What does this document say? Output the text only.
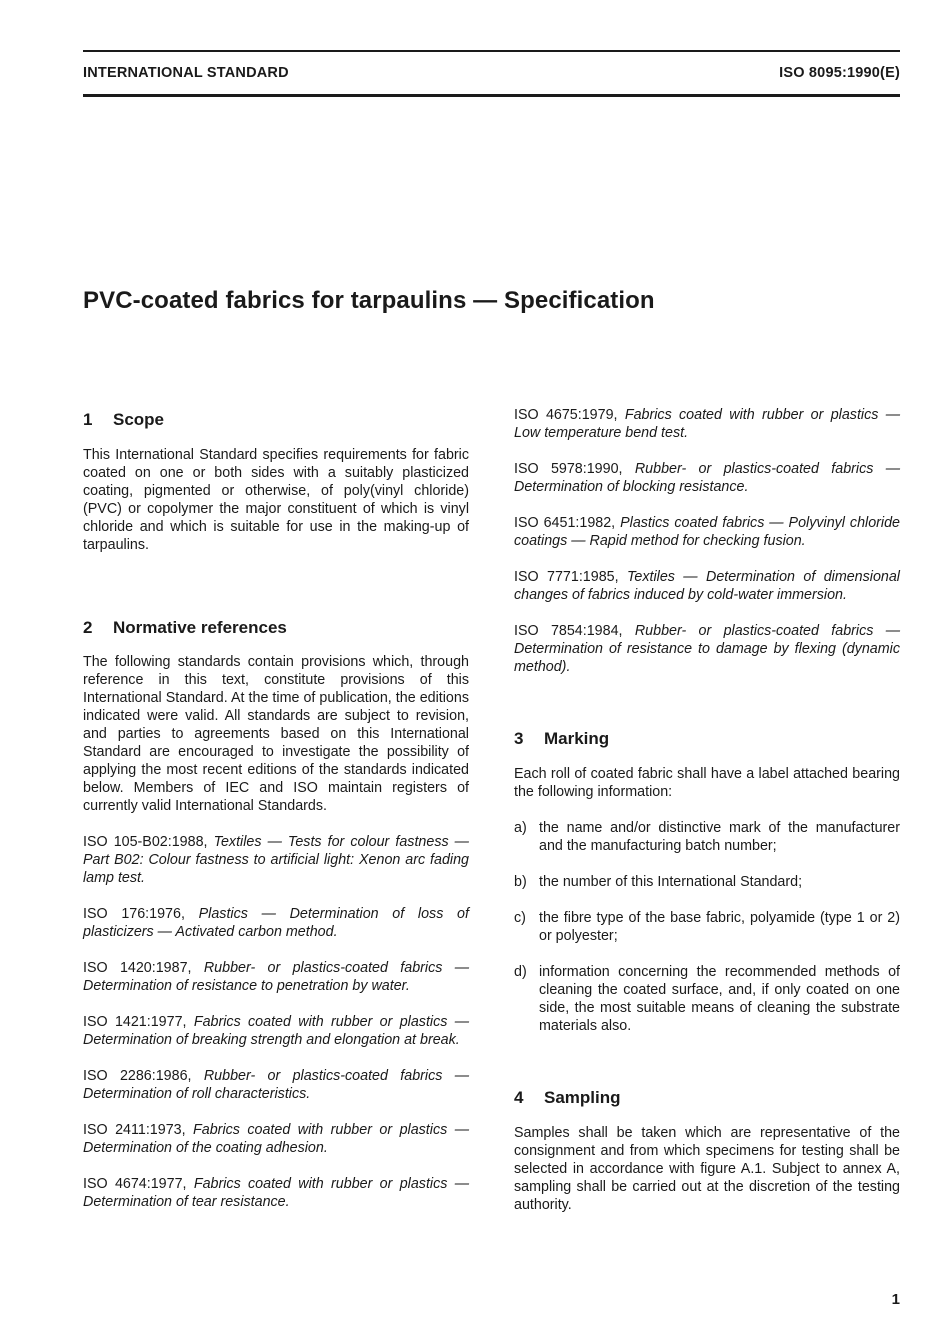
INTERNATIONAL STANDARD	ISO 8095:1990(E)
PVC-coated fabrics for tarpaulins — Specification
1 Scope

This International Standard specifies requirements for fabric coated on one or both sides with a suitably plasticized coating, pigmented or otherwise, of poly(vinyl chloride) (PVC) or copolymer the major constituent of which is vinyl chloride and which is suitable for use in the making-up of tarpaulins.

2 Normative references

The following standards contain provisions which, through reference in this text, constitute provisions of this International Standard. At the time of publication, the editions indicated were valid. All standards are subject to revision, and parties to agreements based on this International Standard are encouraged to investigate the possibility of applying the most recent editions of the standards indicated below. Members of IEC and ISO maintain registers of currently valid International Standards.

ISO 105-B02:1988, Textiles — Tests for colour fastness — Part B02: Colour fastness to artificial light: Xenon arc fading lamp test.
ISO 176:1976, Plastics — Determination of loss of plasticizers — Activated carbon method.
ISO 1420:1987, Rubber- or plastics-coated fabrics — Determination of resistance to penetration by water.
ISO 1421:1977, Fabrics coated with rubber or plastics — Determination of breaking strength and elongation at break.
ISO 2286:1986, Rubber- or plastics-coated fabrics — Determination of roll characteristics.
ISO 2411:1973, Fabrics coated with rubber or plastics — Determination of the coating adhesion.
ISO 4674:1977, Fabrics coated with rubber or plastics — Determination of tear resistance.
ISO 4675:1979, Fabrics coated with rubber or plastics — Low temperature bend test.
ISO 5978:1990, Rubber- or plastics-coated fabrics — Determination of blocking resistance.
ISO 6451:1982, Plastics coated fabrics — Polyvinyl chloride coatings — Rapid method for checking fusion.
ISO 7771:1985, Textiles — Determination of dimensional changes of fabrics induced by cold-water immersion.
ISO 7854:1984, Rubber- or plastics-coated fabrics — Determination of resistance to damage by flexing (dynamic method).
3 Marking

Each roll of coated fabric shall have a label attached bearing the following information:

a) the name and/or distinctive mark of the manufacturer and the manufacturing batch number;
b) the number of this International Standard;
c) the fibre type of the base fabric, polyamide (type 1 or 2) or polyester;
d) information concerning the recommended methods of cleaning the coated surface, and, if only coated on one side, the most suitable means of cleaning the substrate materials also.
4 Sampling

Samples shall be taken which are representative of the consignment and from which specimens for testing shall be selected in accordance with figure A.1. Subject to annex A, sampling shall be carried out at the discretion of the testing authority.

1
